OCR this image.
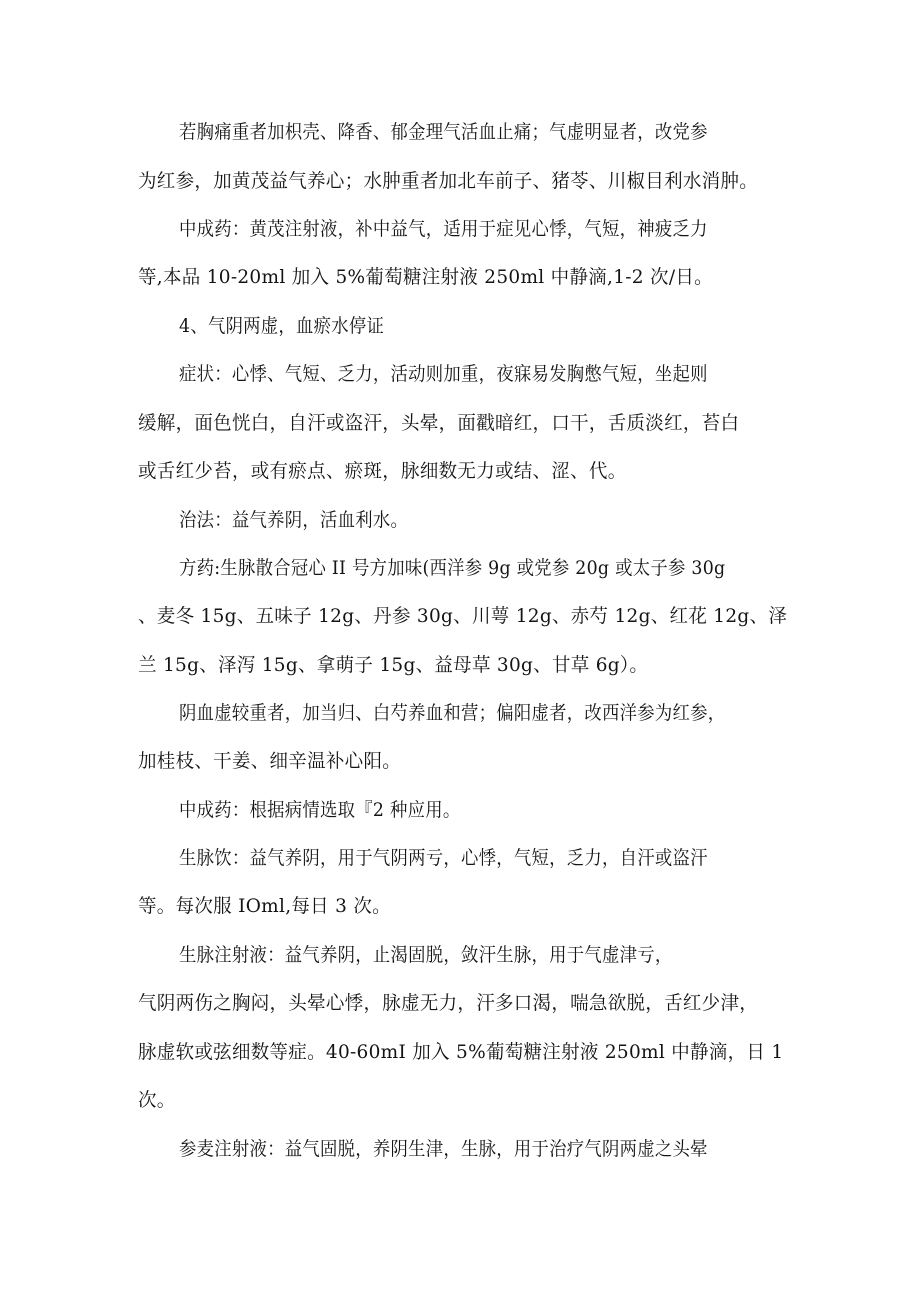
若胸痛重者加枳壳、降香、郁金理气活血止痛；气虚明显者，改党参
为红参，加黄茂益气养心；水肿重者加北车前子、猪苓、川椒目利水消肿。
中成药：黄茂注射液，补中益气，适用于症见心悸，气短，神疲乏力
等,本品 10-20ml 加入 5%葡萄糖注射液 250ml 中静滴,1-2 次/日。
4、气阴两虚，血瘀水停证
症状：心悸、气短、乏力，活动则加重，夜寐易发胸憋气短，坐起则
缓解，面色恍白，自汗或盗汗，头晕，面戳暗红，口干，舌质淡红，苔白
或舌红少苔，或有瘀点、瘀斑，脉细数无力或结、涩、代。
治法：益气养阴，活血利水。
方药:生脉散合冠心 II 号方加味(西洋参 9g 或党参 20g 或太子参 30g
、麦冬 15g、五味子 12g、丹参 30g、川萼 12g、赤芍 12g、红花 12g、泽
兰 15g、泽泻 15g、拿萌子 15g、益母草 30g、甘草 6g）。
阴血虚较重者，加当归、白芍养血和营；偏阳虚者，改西洋参为红参，
加桂枝、干姜、细辛温补心阳。
中成药：根据病情选取『2 种应用。
生脉饮：益气养阴，用于气阴两亏，心悸，气短，乏力，自汗或盗汗
等。每次服 IOml,每日 3 次。
生脉注射液：益气养阴，止渴固脱，敛汗生脉，用于气虚津亏，
气阴两伤之胸闷，头晕心悸，脉虚无力，汗多口渴，喘急欲脱，舌红少津，
脉虚软或弦细数等症。40-60mI 加入 5%葡萄糖注射液 250ml 中静滴，日 1
次。
参麦注射液：益气固脱，养阴生津，生脉，用于治疗气阴两虚之头晕
